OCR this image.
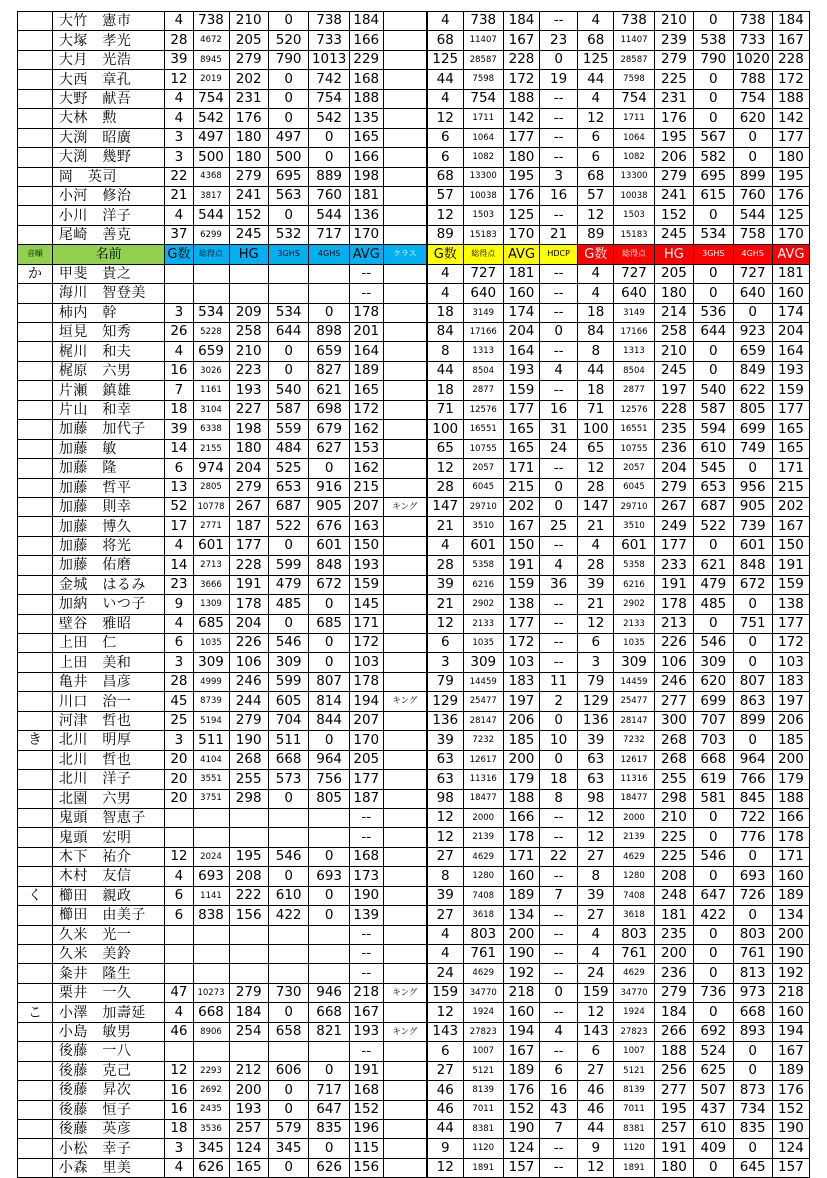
	大竹　憲市	4	738	210	0	738	184		4	738	184	--	4	738	210	0	738	184
	大塚　孝光	28	4672	205	520	733	166		68	11407	167	23	68	11407	239	538	733	167
	大月　光浩	39	8945	279	790	1013	229		125	28587	228	0	125	28587	279	790	1020	228
	大西　章孔	12	2019	202	0	742	168		44	7598	172	19	44	7598	225	0	788	172
	大野　献吾	4	754	231	0	754	188		4	754	188	--	4	754	231	0	754	188
	大林　勲	4	542	176	0	542	135		12	1711	142	--	12	1711	176	0	620	142
	大渕　昭廣	3	497	180	497	0	165		6	1064	177	--	6	1064	195	567	0	177
	大渕　幾野	3	500	180	500	0	166		6	1082	180	--	6	1082	206	582	0	180
	岡　英司	22	4368	279	695	889	198		68	13300	195	3	68	13300	279	695	899	195
	小河　修治	21	3817	241	563	760	181		57	10038	176	16	57	10038	241	615	760	176
	小川　洋子	4	544	152	0	544	136		12	1503	125	--	12	1503	152	0	544	125
	尾崎　善克	37	6299	245	532	717	170		89	15183	170	21	89	15183	245	534	758	170
音順	名前	G数	総得点	HG	3GHS	4GHS	AVG	クラス	G数	総得点	AVG	HDCP	G数	総得点	HG	3GHS	4GHS	AVG
か	甲斐　貴之						--		4	727	181	--	4	727	205	0	727	181
	海川　智登美						--		4	640	160	--	4	640	180	0	640	160
	柿内　幹	3	534	209	534	0	178		18	3149	174	--	18	3149	214	536	0	174
	垣見　知秀	26	5228	258	644	898	201		84	17166	204	0	84	17166	258	644	923	204
	梶川　和夫	4	659	210	0	659	164		8	1313	164	--	8	1313	210	0	659	164
	梶原　六男	16	3026	223	0	827	189		44	8504	193	4	44	8504	245	0	849	193
	片瀬　鎮雄	7	1161	193	540	621	165		18	2877	159	--	18	2877	197	540	622	159
	片山　和幸	18	3104	227	587	698	172		71	12576	177	16	71	12576	228	587	805	177
	加藤　加代子	39	6338	198	559	679	162		100	16551	165	31	100	16551	235	594	699	165
	加藤　敏	14	2155	180	484	627	153		65	10755	165	24	65	10755	236	610	749	165
	加藤　隆	6	974	204	525	0	162		12	2057	171	--	12	2057	204	545	0	171
	加藤　哲平	13	2805	279	653	916	215		28	6045	215	0	28	6045	279	653	956	215
	加藤　則幸	52	10778	267	687	905	207	キング	147	29710	202	0	147	29710	267	687	905	202
	加藤　博久	17	2771	187	522	676	163		21	3510	167	25	21	3510	249	522	739	167
	加藤　将光	4	601	177	0	601	150		4	601	150	--	4	601	177	0	601	150
	加藤　佑磨	14	2713	228	599	848	193		28	5358	191	4	28	5358	233	621	848	191
	金城　はるみ	23	3666	191	479	672	159		39	6216	159	36	39	6216	191	479	672	159
	加納　いつ子	9	1309	178	485	0	145		21	2902	138	--	21	2902	178	485	0	138
	壁谷　雅昭	4	685	204	0	685	171		12	2133	177	--	12	2133	213	0	751	177
	上田　仁	6	1035	226	546	0	172		6	1035	172	--	6	1035	226	546	0	172
	上田　美和	3	309	106	309	0	103		3	309	103	--	3	309	106	309	0	103
	亀井　昌彦	28	4999	246	599	807	178		79	14459	183	11	79	14459	246	620	807	183
	川口　治一	45	8739	244	605	814	194	キング	129	25477	197	2	129	25477	277	699	863	197
	河津　哲也	25	5194	279	704	844	207		136	28147	206	0	136	28147	300	707	899	206
き	北川　明厚	3	511	190	511	0	170		39	7232	185	10	39	7232	268	703	0	185
	北川　哲也	20	4104	268	668	964	205		63	12617	200	0	63	12617	268	668	964	200
	北川　洋子	20	3551	255	573	756	177		63	11316	179	18	63	11316	255	619	766	179
	北園　六男	20	3751	298	0	805	187		98	18477	188	8	98	18477	298	581	845	188
	鬼頭　智恵子						--		12	2000	166	--	12	2000	210	0	722	166
	鬼頭　宏明						--		12	2139	178	--	12	2139	225	0	776	178
	木下　祐介	12	2024	195	546	0	168		27	4629	171	22	27	4629	225	546	0	171
	木村　友信	4	693	208	0	693	173		8	1280	160	--	8	1280	208	0	693	160
く	櫛田　親政	6	1141	222	610	0	190		39	7408	189	7	39	7408	248	647	726	189
	櫛田　由美子	6	838	156	422	0	139		27	3618	134	--	27	3618	181	422	0	134
	久米　光一						--		4	803	200	--	4	803	235	0	803	200
	久米　美鈴						--		4	761	190	--	4	761	200	0	761	190
	粂井　隆生						--		24	4629	192	--	24	4629	236	0	813	192
	栗井　一久	47	10273	279	730	946	218	キング	159	34770	218	0	159	34770	279	736	973	218
こ	小澤　加壽延	4	668	184	0	668	167		12	1924	160	--	12	1924	184	0	668	160
	小島　敏男	46	8906	254	658	821	193	キング	143	27823	194	4	143	27823	266	692	893	194
	後藤　一八						--		6	1007	167	--	6	1007	188	524	0	167
	後藤　克己	12	2293	212	606	0	191		27	5121	189	6	27	5121	256	625	0	189
	後藤　昇次	16	2692	200	0	717	168		46	8139	176	16	46	8139	277	507	873	176
	後藤　恒子	16	2435	193	0	647	152		46	7011	152	43	46	7011	195	437	734	152
	後藤　英彦	18	3536	257	579	835	196		44	8381	190	7	44	8381	257	610	835	190
	小松　幸子	3	345	124	345	0	115		9	1120	124	--	9	1120	191	409	0	124
	小森　里美	4	626	165	0	626	156		12	1891	157	--	12	1891	180	0	645	157
